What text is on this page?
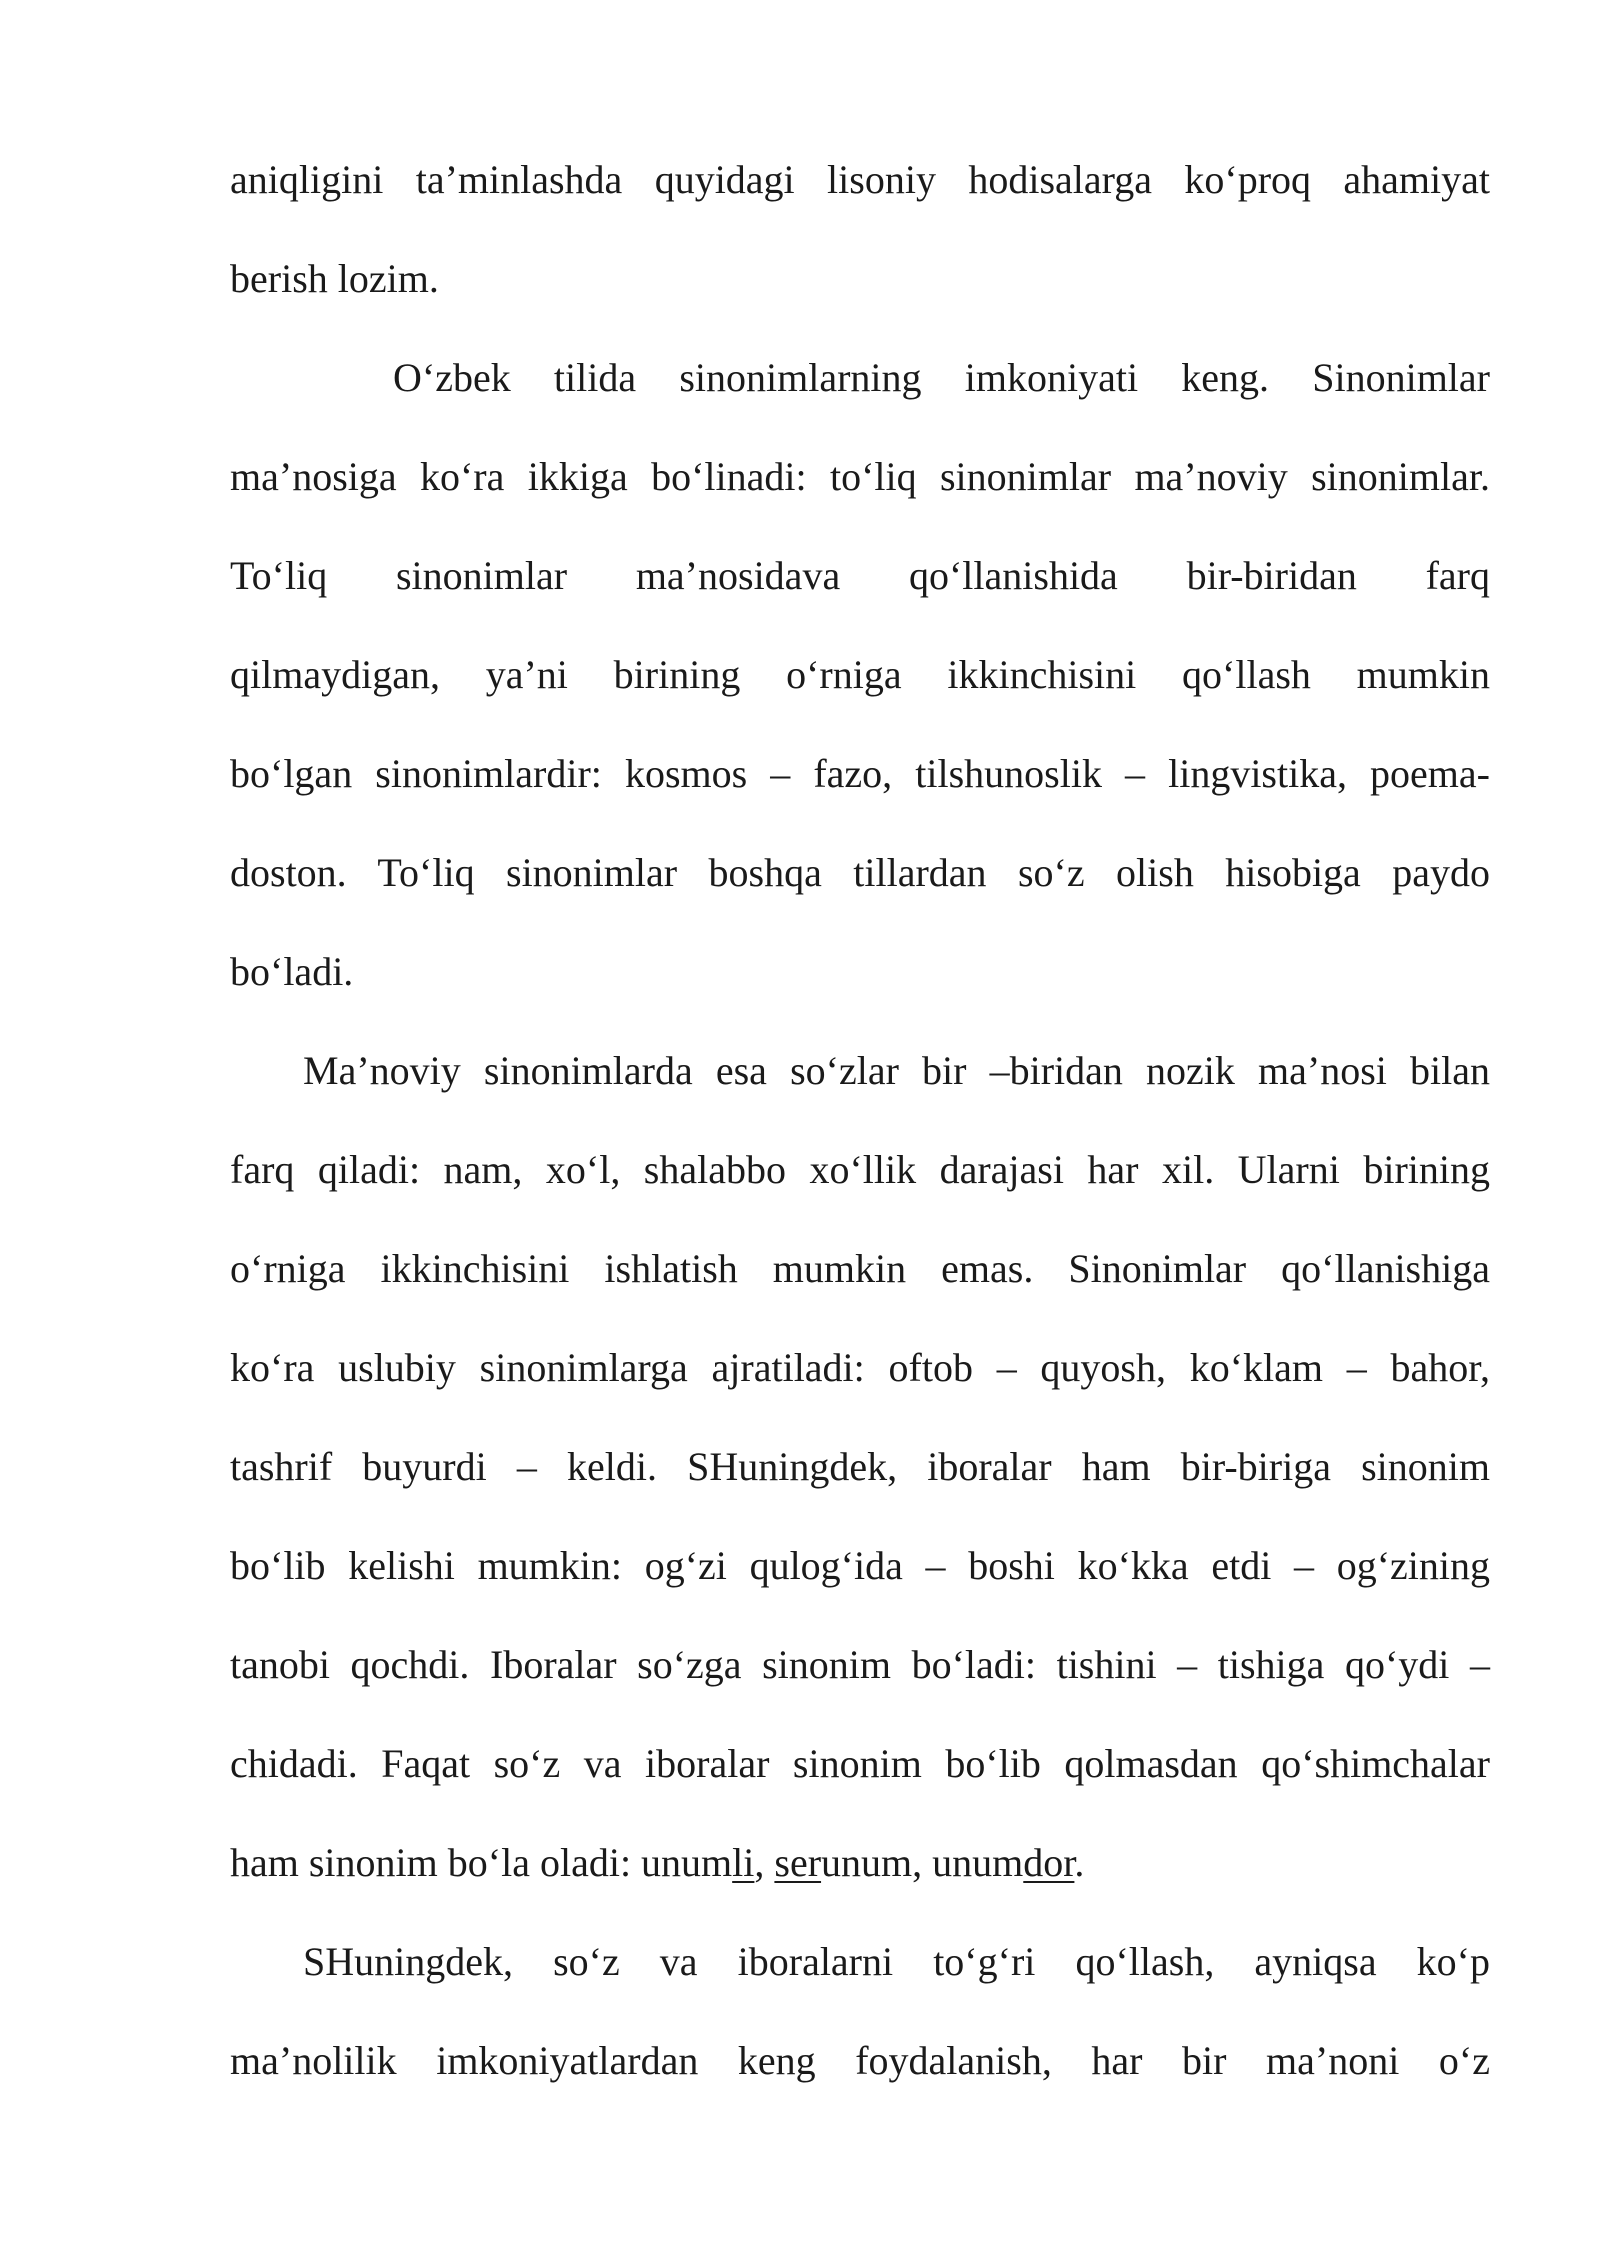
aniqligini ta’minlashda quyidagi lisoniy hodisalarga ko‘proq ahamiyat
berish lozim.
O‘zbek tilida sinonimlarning imkoniyati keng. Sinonimlar
ma’nosiga ko‘ra ikkiga bo‘linadi: to‘liq sinonimlar ma’noviy sinonimlar.
To‘liq sinonimlar ma’nosidava qo‘llanishida bir-biridan farq
qilmaydigan, ya’ni birining o‘rniga ikkinchisini qo‘llash mumkin
bo‘lgan sinonimlardir: kosmos – fazo, tilshunoslik – lingvistika, poema-
doston. To‘liq sinonimlar boshqa tillardan so‘z olish hisobiga paydo
bo‘ladi.
Ma’noviy sinonimlarda esa so‘zlar bir –biridan nozik ma’nosi bilan
farq qiladi: nam, xo‘l, shalabbo xo‘llik darajasi har xil. Ularni birining
o‘rniga ikkinchisini ishlatish mumkin emas. Sinonimlar qo‘llanishiga
ko‘ra uslubiy sinonimlarga ajratiladi: oftob – quyosh, ko‘klam – bahor,
tashrif buyurdi – keldi. SHuningdek, iboralar ham bir-biriga sinonim
bo‘lib kelishi mumkin: og‘zi qulog‘ida – boshi ko‘kka etdi – og‘zining
tanobi qochdi. Iboralar so‘zga sinonim bo‘ladi: tishini – tishiga qo‘ydi –
chidadi. Faqat so‘z va iboralar sinonim bo‘lib qolmasdan qo‘shimchalar
ham sinonim bo‘la oladi: unumli, serunum, unumdor.
SHuningdek, so‘z va iboralarni to‘g‘ri qo‘llash, ayniqsa ko‘p
ma’nolilik imkoniyatlardan keng foydalanish, har bir ma’noni o‘z
